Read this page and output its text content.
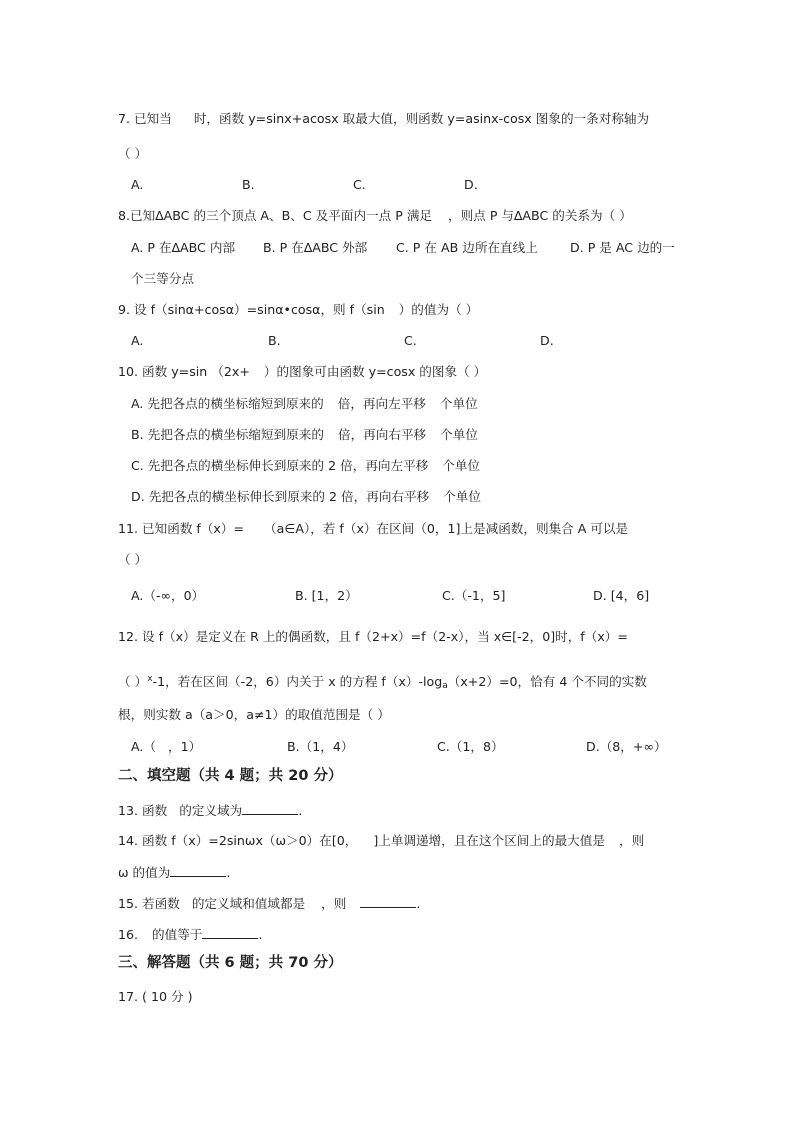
7. 已知当 时，函数 y=sinx+acosx 取最大值，则函数 y=asinx-cosx 图象的一条对称轴为
（ ）
A.	B.	C.	D.
8.已知∆ABC 的三个顶点 A、B、C 及平面内一点 P 满足 ，则点 P 与∆ABC 的关系为（ ）
A. P 在∆ABC 内部 B. P 在∆ABC 外部 C. P 在 AB 边所在直线上	D. P 是 AC 边的一
个三等分点
9. 设 f（sinα+cosα）=sinα•cosα，则 f（sin ）的值为（ ）
A.	B.	C.	D.
10. 函数 y=sin （2x+ ）的图象可由函数 y=cosx 的图象（ ）
A. 先把各点的横坐标缩短到原来的 倍，再向左平移 个单位
B. 先把各点的横坐标缩短到原来的 倍，再向右平移 个单位
C. 先把各点的横坐标伸长到原来的 2 倍，再向左平移 个单位
D. 先把各点的横坐标伸长到原来的 2 倍，再向右平移 个单位
11. 已知函数 f（x）= （a∈A），若 f（x）在区间（0，1]上是减函数，则集合 A 可以是
（ ）
A.（-∞，0）	B. [1，2）	C.（-1，5]	D. [4，6]
12. 设 f（x）是定义在 R 上的偶函数，且 f（2+x）=f（2-x），当 x∈[-2，0]时，f（x）=
（ ）$^x$-1，若在区间（-2，6）内关于 x 的方程 $f(x)-\log_a(x+2)=0$，恰有 4 个不同的实数
根，则实数 a（a＞0，a≠1）的取值范围是（ ）
A.（ ，1）	B.（1，4）	C.（1，8）	D.（8，+∞）
二、填空题（共 4 题；共 20 分）
13. 函数 的定义域为	.
14. 函数 f（x）=2sinωx（ω＞0）在[0， ]上单调递增，且在这个区间上的最大值是 ，则
ω 的值为	.
15. 若函数 的定义域和值域都是 ，则	.
16. 的值等于	.
三、解答题（共 6 题；共 70 分）
17. ( 10 分 )
